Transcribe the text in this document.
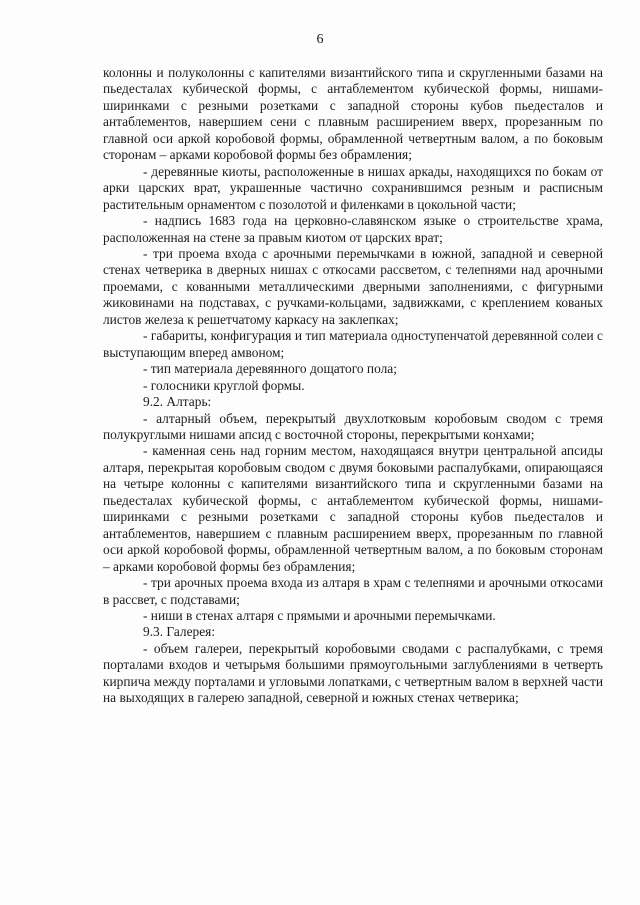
6

колонны и полуколонны с капителями византийского типа и скругленными базами на пьедесталах кубической формы, с антаблементом кубической формы, нишами-ширинками с резными розетками с западной стороны кубов пьедесталов и антаблементов, навершием сени с плавным расширением вверх, прорезанным по главной оси аркой коробовой формы, обрамленной четвертным валом, а по боковым сторонам – арками коробовой формы без обрамления;

- деревянные киоты, расположенные в нишах аркады, находящихся по бокам от арки царских врат, украшенные частично сохранившимся резным и расписным растительным орнаментом с позолотой и филенками в цокольной части;

- надпись 1683 года на церковно-славянском языке о строительстве храма, расположенная на стене за правым киотом от царских врат;

- три проема входа с арочными перемычками в южной, западной и северной стенах четверика в дверных нишах с откосами рассветом, с телепнями над арочными проемами, с кованными металлическими дверными заполнениями, с фигурными жиковинами на подставах, с ручками-кольцами, задвижками, с креплением кованых листов железа к решетчатому каркасу на заклепках;

- габариты, конфигурация и тип материала одноступенчатой деревянной солеи с выступающим вперед амвоном;

- тип материала деревянного дощатого пола;

- голосники круглой формы.

9.2. Алтарь:

- алтарный объем, перекрытый двухлотковым коробовым сводом с тремя полукруглыми нишами апсид с восточной стороны, перекрытыми конхами;

- каменная сень над горним местом, находящаяся внутри центральной апсиды алтаря, перекрытая коробовым сводом с двумя боковыми распалубками, опирающаяся на четыре колонны с капителями византийского типа и скругленными базами на пьедесталах кубической формы, с антаблементом кубической формы, нишами-ширинками с резными розетками с западной стороны кубов пьедесталов и антаблементов, навершием с плавным расширением вверх, прорезанным по главной оси аркой коробовой формы, обрамленной четвертным валом, а по боковым сторонам – арками коробовой формы без обрамления;

- три арочных проема входа из алтаря в храм с телепнями и арочными откосами в рассвет, с подставами;

- ниши в стенах алтаря с прямыми и арочными перемычками.

9.3. Галерея:

- объем галереи, перекрытый коробовыми сводами с распалубками, с тремя порталами входов и четырьмя большими прямоугольными заглублениями в четверть кирпича между порталами и угловыми лопатками, с четвертным валом в верхней части на выходящих в галерею западной, северной и южных стенах четверика;
